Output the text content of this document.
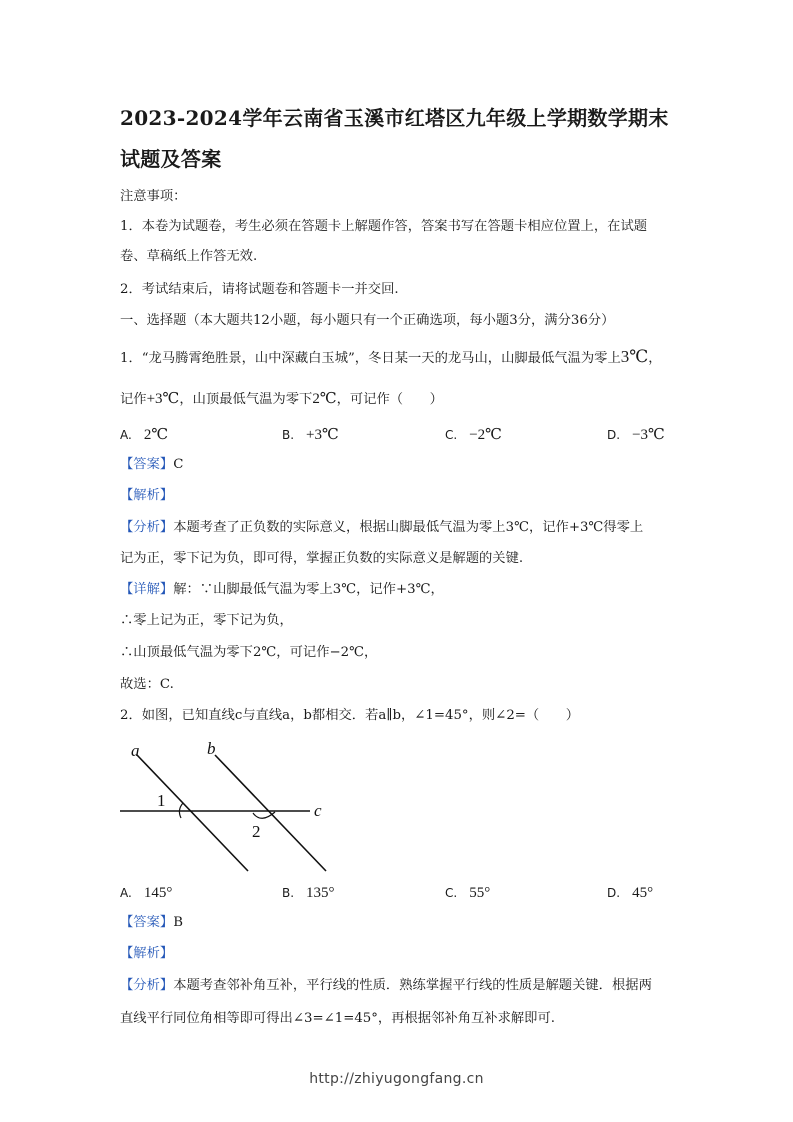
2023-2024学年云南省玉溪市红塔区九年级上学期数学期末
试题及答案
注意事项：
1．本卷为试题卷，考生必须在答题卡上解题作答，答案书写在答题卡相应位置上，在试题
卷、草稿纸上作答无效.
2．考试结束后，请将试题卷和答题卡一并交回.
一、选择题（本大题共12小题，每小题只有一个正确选项，每小题3分，满分36分）
1．“龙马腾霄绝胜景，山中深藏白玉城”，冬日某一天的龙马山，山脚最低气温为零上3℃，
记作+3℃，山顶最低气温为零下2℃，可记作（　　）
A. 2℃	B. +3℃	C. −2℃	D. −3℃
【答案】C
【解析】
【分析】本题考查了正负数的实际意义，根据山脚最低气温为零上3℃，记作+3℃得零上
记为正，零下记为负，即可得，掌握正负数的实际意义是解题的关键.
【详解】解：∵山脚最低气温为零上3℃，记作+3℃，
∴零上记为正，零下记为负，
∴山顶最低气温为零下2℃，可记作−2℃，
故选：C.
2．如图，已知直线c与直线a，b都相交．若a∥b，∠1=45°，则∠2=（　　）
a	b
c
1
2
A. 145°	B. 135°	C. 55°	D. 45°
【答案】B
【解析】
【分析】本题考查邻补角互补，平行线的性质．熟练掌握平行线的性质是解题关键．根据两
直线平行同位角相等即可得出∠3=∠1=45°，再根据邻补角互补求解即可.
http://zhiyugongfang.cn
